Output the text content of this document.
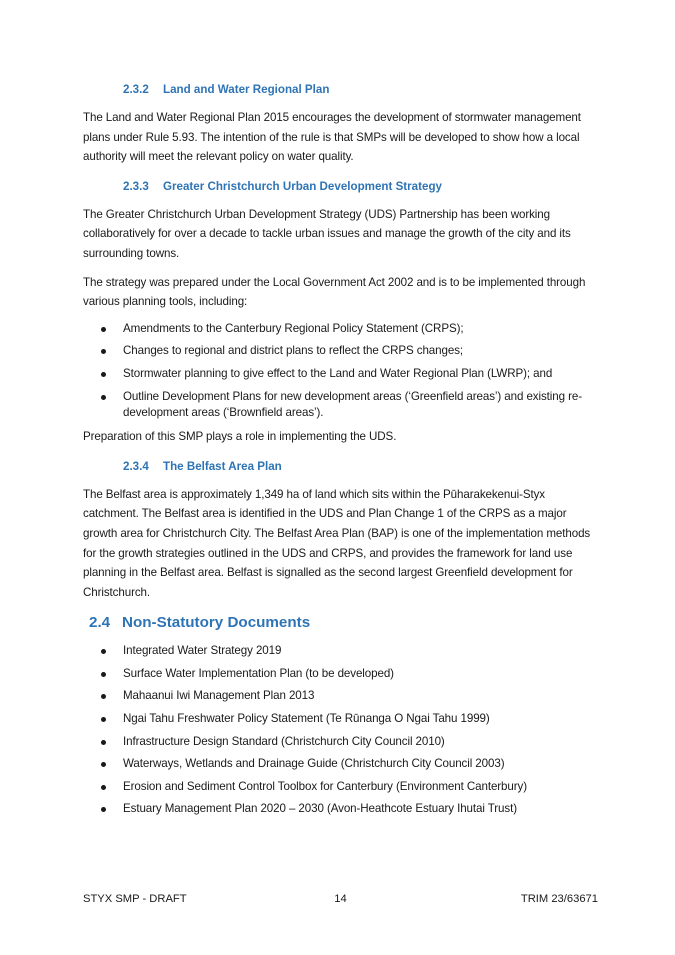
2.3.2 Land and Water Regional Plan

The Land and Water Regional Plan 2015 encourages the development of stormwater management plans under Rule 5.93. The intention of the rule is that SMPs will be developed to show how a local authority will meet the relevant policy on water quality.

2.3.3 Greater Christchurch Urban Development Strategy

The Greater Christchurch Urban Development Strategy (UDS) Partnership has been working collaboratively for over a decade to tackle urban issues and manage the growth of the city and its surrounding towns.

The strategy was prepared under the Local Government Act 2002 and is to be implemented through various planning tools, including:

Amendments to the Canterbury Regional Policy Statement (CRPS);
Changes to regional and district plans to reflect the CRPS changes;
Stormwater planning to give effect to the Land and Water Regional Plan (LWRP); and
Outline Development Plans for new development areas (‘Greenfield areas’) and existing re-development areas (‘Brownfield areas’).

Preparation of this SMP plays a role in implementing the UDS.

2.3.4 The Belfast Area Plan

The Belfast area is approximately 1,349 ha of land which sits within the Pūharakekenui-Styx catchment. The Belfast area is identified in the UDS and Plan Change 1 of the CRPS as a major growth area for Christchurch City. The Belfast Area Plan (BAP) is one of the implementation methods for the growth strategies outlined in the UDS and CRPS, and provides the framework for land use planning in the Belfast area. Belfast is signalled as the second largest Greenfield development for Christchurch.

2.4 Non-Statutory Documents
Integrated Water Strategy 2019
Surface Water Implementation Plan (to be developed)
Mahaanui Iwi Management Plan 2013
Ngai Tahu Freshwater Policy Statement (Te Rūnanga O Ngai Tahu 1999)
Infrastructure Design Standard (Christchurch City Council 2010)
Waterways, Wetlands and Drainage Guide (Christchurch City Council 2003)
Erosion and Sediment Control Toolbox for Canterbury (Environment Canterbury)
Estuary Management Plan 2020 – 2030 (Avon-Heathcote Estuary Ihutai Trust)
STYX SMP - DRAFT	14	TRIM 23/63671
